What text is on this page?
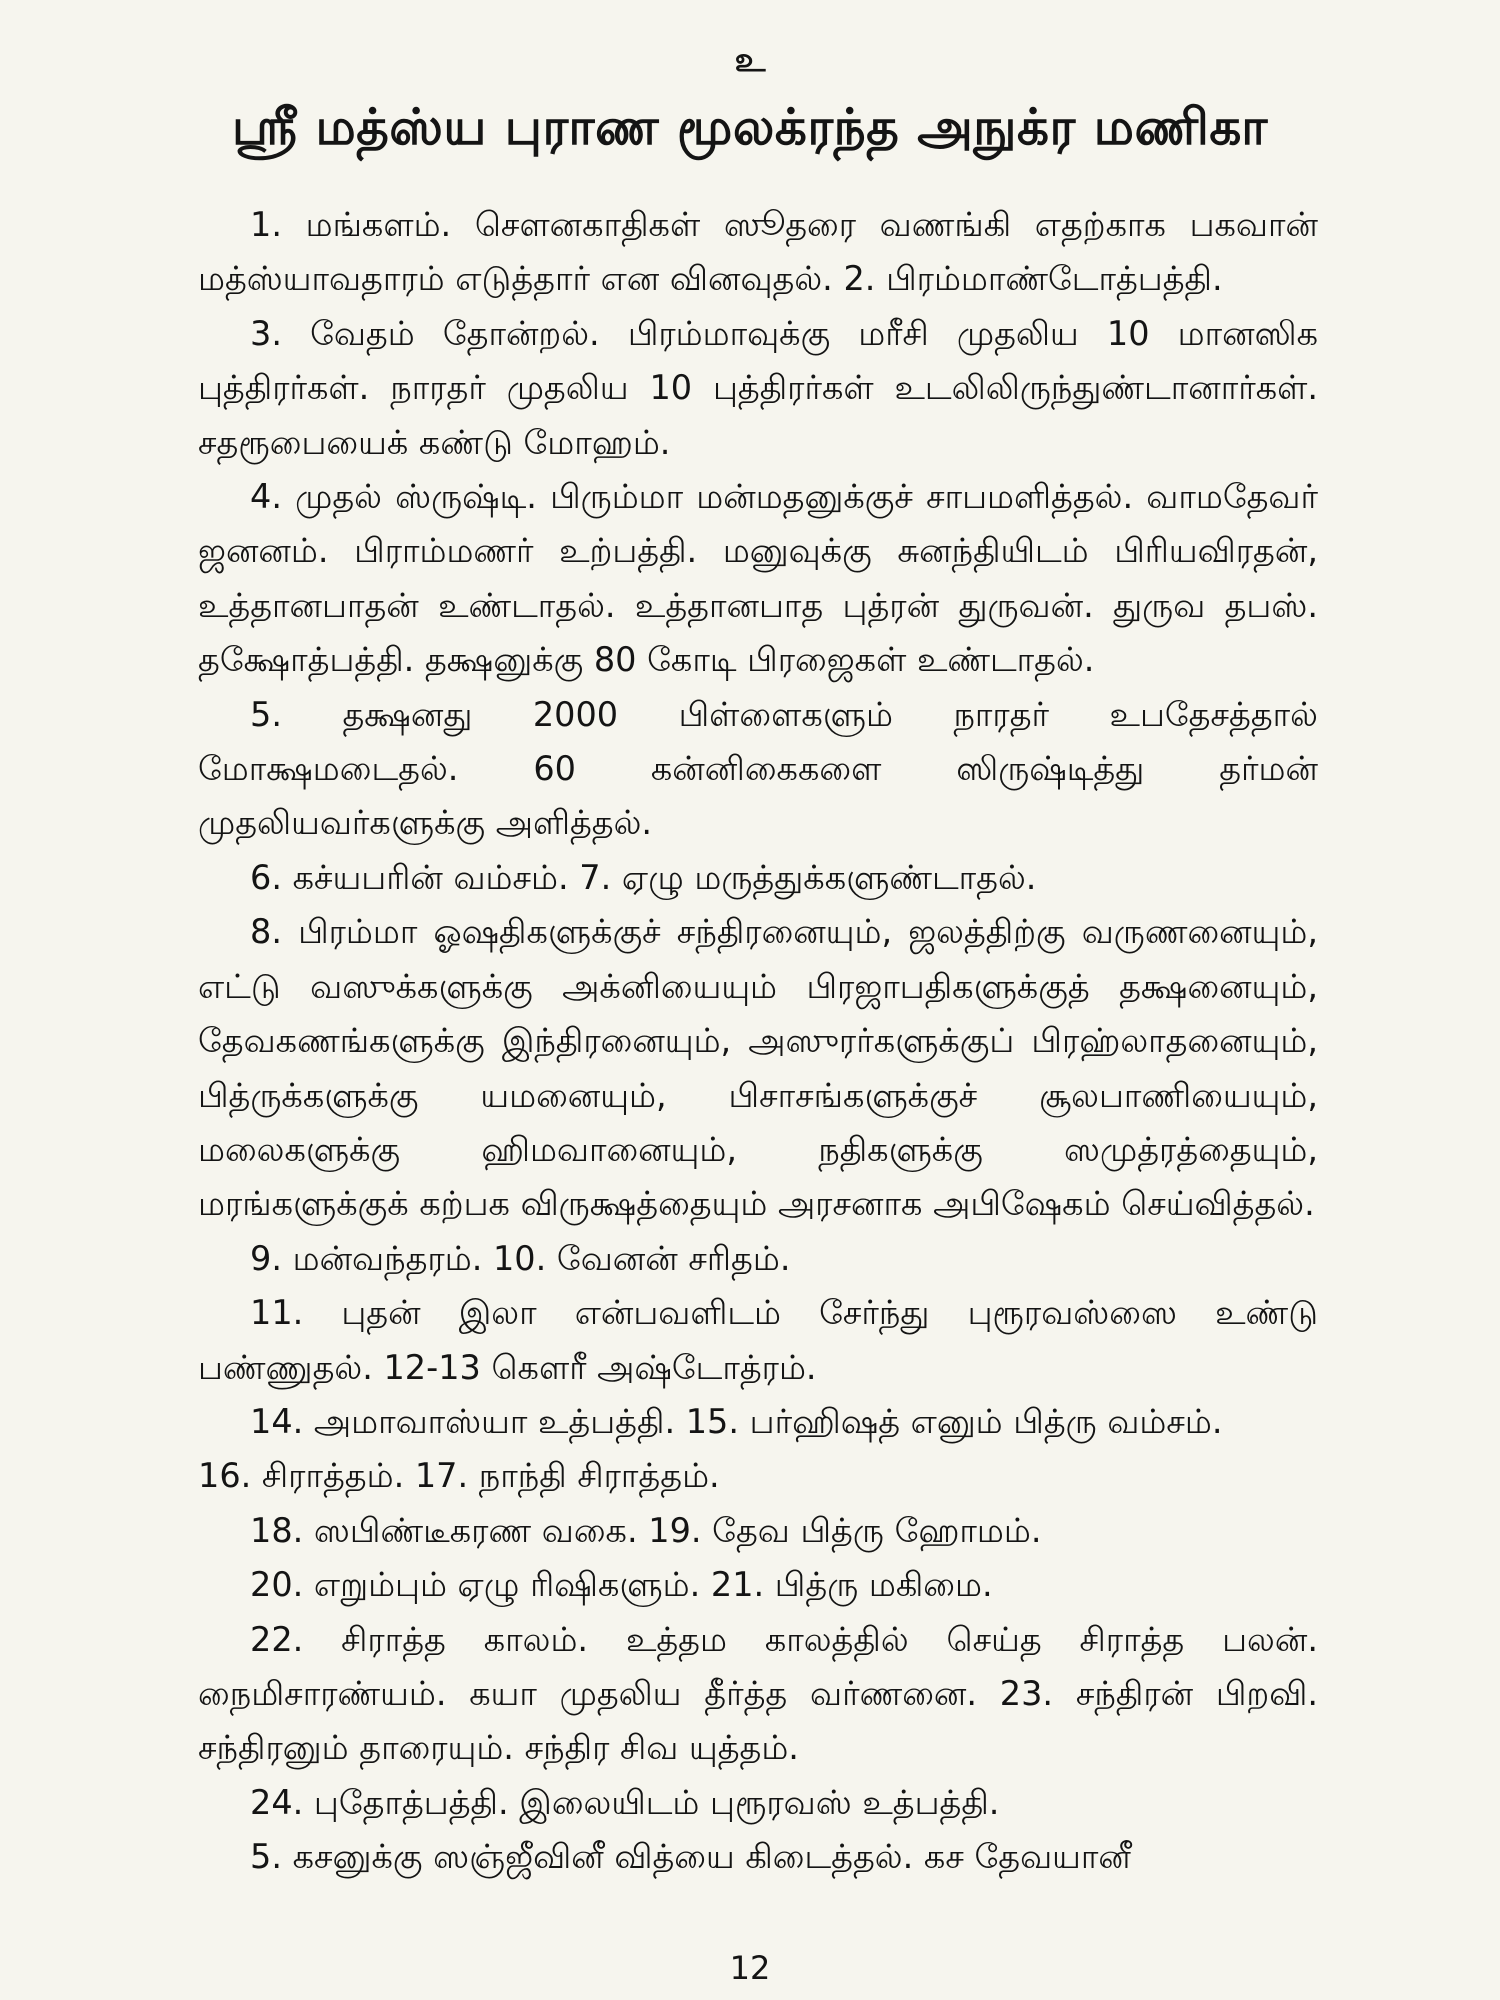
உ
ஸ்ரீ மத்ஸ்ய புராண மூலக்ரந்த அநுக்ர மணிகா

1. மங்களம். சௌனகாதிகள் ஸூதரை வணங்கி எதற்காக பகவான் மத்ஸ்யாவதாரம் எடுத்தார் என வினவுதல். 2. பிரம்மாண்டோத்பத்தி.

3. வேதம் தோன்றல். பிரம்மாவுக்கு மரீசி முதலிய 10 மானஸிக புத்திரர்கள். நாரதர் முதலிய 10 புத்திரர்கள் உடலிலிருந்துண்டானார்கள். சதரூபையைக் கண்டு மோஹம்.

4. முதல் ஸ்ருஷ்டி. பிரும்மா மன்மதனுக்குச் சாபமளித்தல். வாமதேவர் ஜனனம். பிராம்மணர் உற்பத்தி. மனுவுக்கு சுனந்தியிடம் பிரியவிரதன், உத்தானபாதன் உண்டாதல். உத்தானபாத புத்ரன் துருவன். துருவ தபஸ். தக்ஷோத்பத்தி. தக்ஷனுக்கு 80 கோடி பிரஜைகள் உண்டாதல்.

5. தக்ஷனது 2000 பிள்ளைகளும் நாரதர் உபதேசத்தால் மோக்ஷமடைதல். 60 கன்னிகைகளை ஸிருஷ்டித்து தர்மன் முதலியவர்களுக்கு அளித்தல்.

6. கச்யபரின் வம்சம். 7. ஏழு மருத்துக்களுண்டாதல்.

8. பிரம்மா ஓஷதிகளுக்குச் சந்திரனையும், ஜலத்திற்கு வருணனையும், எட்டு வஸுக்களுக்கு அக்னியையும் பிரஜாபதிகளுக்குத் தக்ஷனையும், தேவகணங்களுக்கு இந்திரனையும், அஸுரர்களுக்குப் பிரஹ்லாதனையும், பித்ருக்களுக்கு யமனையும், பிசாசங்களுக்குச் சூலபாணியையும், மலைகளுக்கு ஹிமவானையும், நதிகளுக்கு ஸமுத்ரத்தையும், மரங்களுக்குக் கற்பக விருக்ஷத்தையும் அரசனாக அபிஷேகம் செய்வித்தல்.

9. மன்வந்தரம். 10. வேனன் சரிதம்.

11. புதன் இலா என்பவளிடம் சேர்ந்து புரூரவஸ்ஸை உண்டு பண்ணுதல். 12-13 கௌரீ அஷ்டோத்ரம்.

14. அமாவாஸ்யா உத்பத்தி. 15. பர்ஹிஷத் எனும் பித்ரு வம்சம்.

16. சிராத்தம். 17. நாந்தி சிராத்தம்.

18. ஸபிண்டீகரண வகை. 19. தேவ பித்ரு ஹோமம்.

20. எறும்பும் ஏழு ரிஷிகளும். 21. பித்ரு மகிமை.

22. சிராத்த காலம். உத்தம காலத்தில் செய்த சிராத்த பலன். நைமிசாரண்யம். கயா முதலிய தீர்த்த வர்ணனை. 23. சந்திரன் பிறவி. சந்திரனும் தாரையும். சந்திர சிவ யுத்தம்.

24. புதோத்பத்தி. இலையிடம் புரூரவஸ் உத்பத்தி.

5. கசனுக்கு ஸஞ்ஜீவினீ வித்யை கிடைத்தல். கச தேவயானீ

12
